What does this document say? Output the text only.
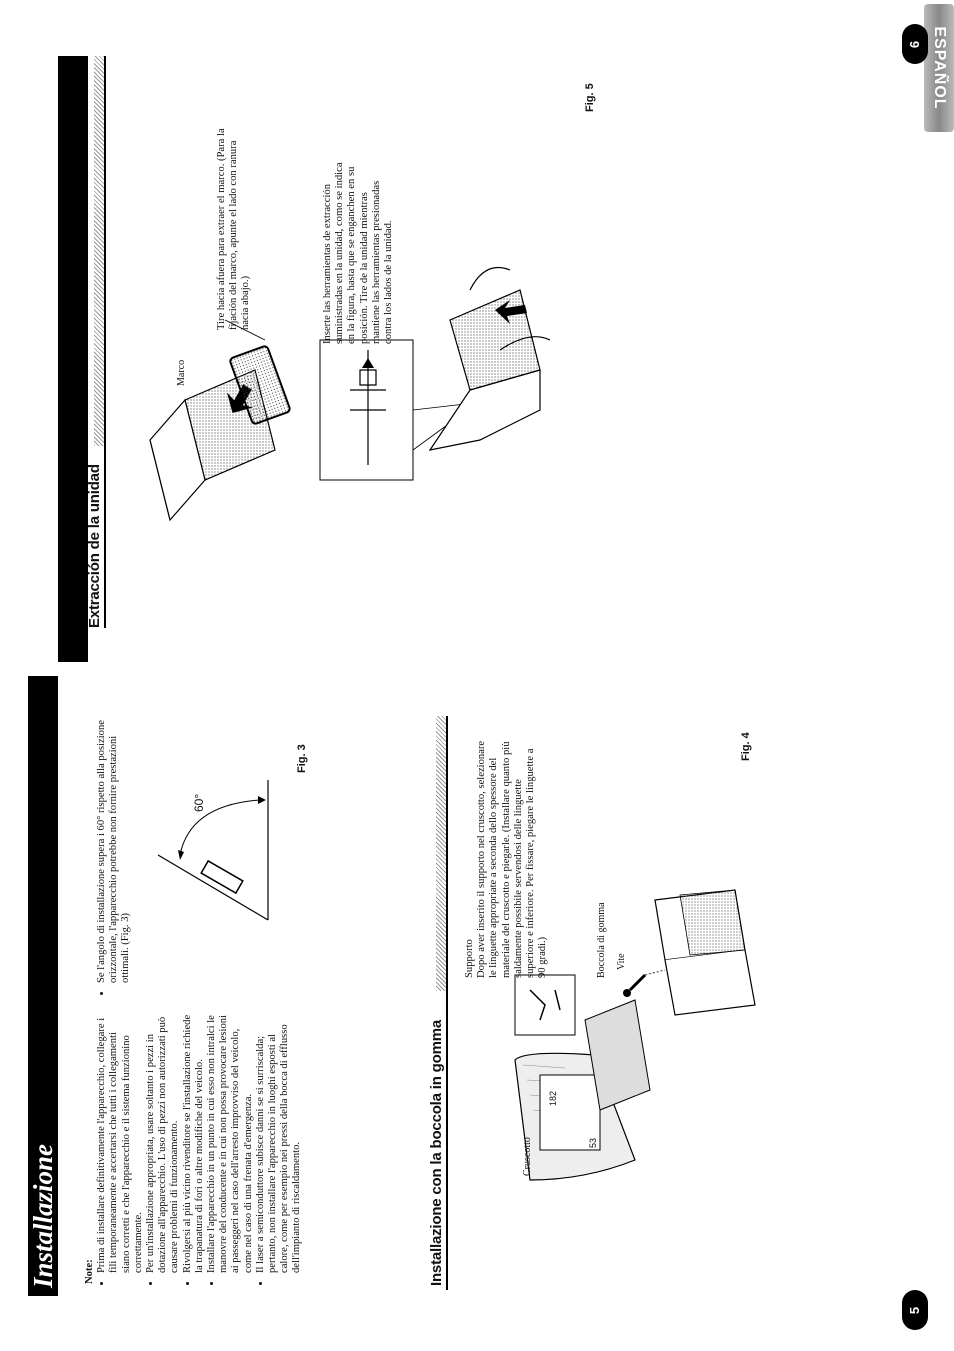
Installazione
5
Note: • Prima di installare definitivamente l'apparecchio, collegare i fili temporaneamente e accertarsi che tutti i collegamenti siano corretti e che l'apparecchio e il sistema funzionino correttamente. • Per un'installazione appropriata, usare soltanto i pezzi in dotazione all'apparecchio. L'uso di pezzi non autorizzati può causare problemi di funzionamento. • Rivolgersi al più vicino rivenditore se l'installazione richiede la trapanatura di fori o altre modifiche del veicolo. • Installare l'apparecchio in un punto in cui esso non intralci le manovre del conducente e in cui non possa provocare lesioni ai passeggeri nel caso dell'arresto improvviso del veicolo, come nel caso di una frenata d'emergenza. • Il laser a semiconduttore subisce danni se si surriscalda; pertanto, non installare l'apparecchio in luoghi esposti al calore, come per esempio nei pressi della bocca di efflusso dell'impianto di riscaldamento.
• Se l'angolo di installazione supera i 60° rispetto alla posizione orizzontale, l'apparecchio potrebbe non fornire prestazioni ottimali. (Fig. 3)
60°
Fig. 3
Installazione con la boccola in gomma	Cruscotto
182
53
Boccola di gomma Vite
Supporto Dopo aver inserito il supporto nel cruscotto, selezionare le linguette appropriate a seconda dello spessore del materiale del cruscotto e piegarle. (Installare quanto più saldamente possibile servendosi delle linguette superiore e inferiore. Per fissare, piegare le linguette a 90 gradi.)
Fig. 4
ESPAÑOL
6
Extracción de la unidad
Marco
Tire hacia afuera para extraer el marco. (Para la fijación del marco, apunte el lado con ranura hacia abajo.)	Inserte las herramientas de extracción suministradas en la unidad, como se indica en la figura, hasta que se enganchen en su posición. Tire de la unidad mientras mantiene las herramientas presionadas contra los lados de la unidad.
Fig. 5
